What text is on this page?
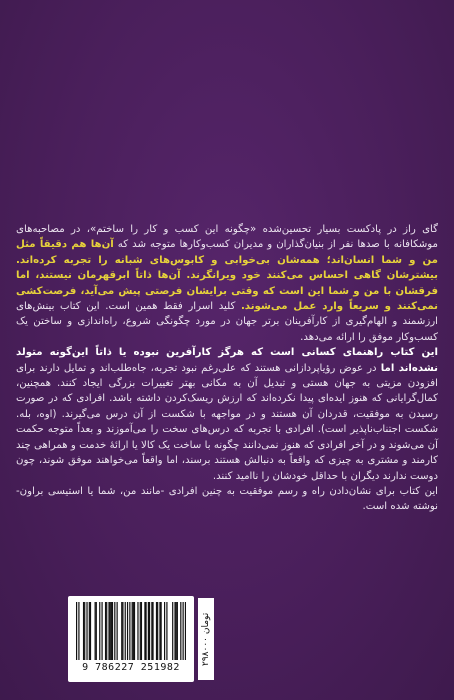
گای راز در پادکست بسیار تحسین‌شده «چگونه این کسب و کار را ساختم»، در مصاحبه‌های موشکافانه با صدها نفر از بنیان‌گذاران و مدیران کسب‌وکارها متوجه شد که آن‌ها هم دقیقاً مثل من و شما انسان‌اند؛ همه‌شان بی‌خوابی و کابوس‌های شبانه را تجربه کرده‌اند. بیشترشان گاهی احساس می‌کنند خود ویرانگرند. آن‌ها ذاتاً ابرقهرمان نیستند، اما فرقشان با من و شما این است که وقتی برایشان فرصتی پیش می‌آید، فرصت‌کشی نمی‌کنند و سریعاً وارد عمل می‌شوند. کلید اسرار فقط همین است. این کتاب بینش‌های ارزشمند و الهام‌گیری از کارآفرینان برتر جهان در مورد چگونگی شروع، راه‌اندازی و ساختن یک کسب‌وکار موفق را ارائه می‌دهد.

این کتاب راهنمای کسانی است که هرگز کارآفرین نبوده یا ذاتاً این‌گونه متولد نشده‌اند اما در عوض رؤیاپردازانی هستند که علی‌رغم نبود تجربه، جاه‌طلب‌اند و تمایل دارند برای افزودن مزیتی به جهان هستی و تبدیل آن به مکانی بهتر تغییرات بزرگی ایجاد کنند. همچنین، کمال‌گرایانی که هنوز ایده‌ای پیدا نکرده‌اند که ارزش ریسک‌کردن داشته باشد. افرادی که در صورت رسیدن به موفقیت، قدردان آن هستند و در مواجهه با شکست از آن درس می‌گیرند. (اوه، بله. شکست اجتناب‌ناپذیر است). افرادی با تجربه که درس‌های سخت را می‌آموزند و بعداً متوجه حکمت آن می‌شوند و در آخر افرادی که هنوز نمی‌دانند چگونه با ساخت یک کالا یا ارائهٔ خدمت و همراهی چند کارمند و مشتری به چیزی که واقعاً به دنبالش هستند برسند، اما واقعاً می‌خواهند موفق شوند، چون دوست ندارند دیگران با حداقل خودشان را ناامید کنند.

این کتاب برای نشان‌دادن راه و رسم موفقیت به چنین افرادی -مانند من، شما یا استیسی براون- نوشته شده است.

9 786227 251982
۲۹۸۰۰۰ تومان
